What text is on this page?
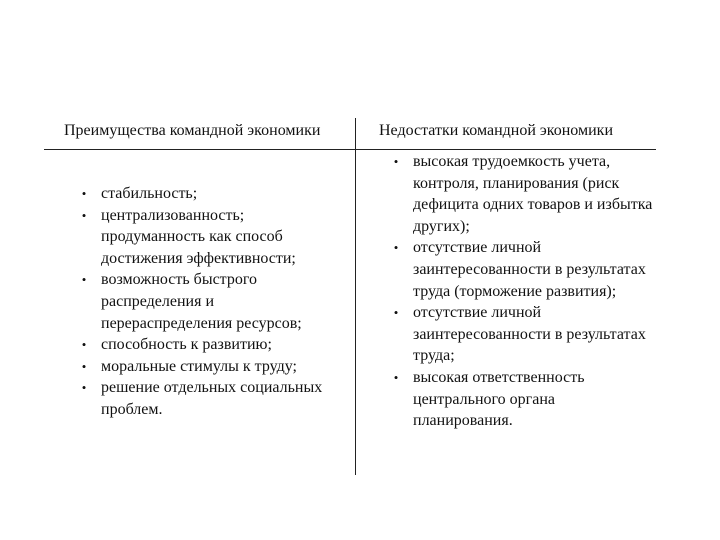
Преимущества командной экономики	Недостатки командной экономики
• стабильность;
• централизованность; продуманность как способ достижения эффективности;
• возможность быстрого распределения и перераспределения ресурсов;
• способность к развитию;
• моральные стимулы к труду;
• решение отдельных социальных проблем.
• высокая трудоемкость учета, контроля, планирования (риск дефицита одних товаров и избытка других);
• отсутствие личной заинтересованности в результатах труда (торможение развития);
• отсутствие личной заинтересованности в результатах труда;
• высокая ответственность центрального органа планирования.
